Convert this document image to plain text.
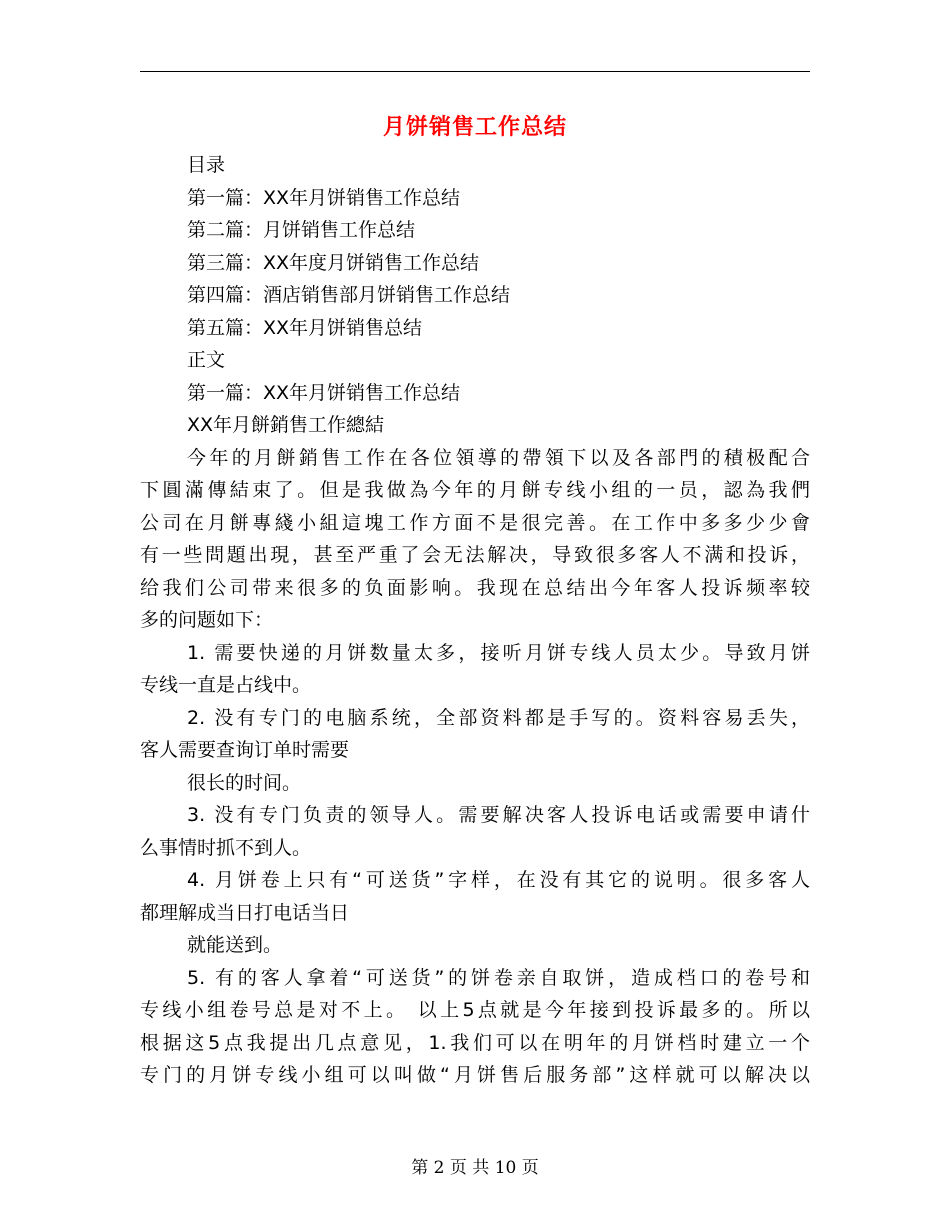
月饼销售工作总结
目录
第一篇：XX年月饼销售工作总结
第二篇：月饼销售工作总结
第三篇：XX年度月饼销售工作总结
第四篇：酒店销售部月饼销售工作总结
第五篇：XX年月饼销售总结
正文
第一篇：XX年月饼销售工作总结
XX年月餅銷售工作總結
今年的月餅銷售工作在各位領導的帶領下以及各部門的積极配合
下圓滿傳結束了。但是我做為今年的月餅专线小组的一员，認為我們
公司在月餅專綫小組這塊工作方面不是很完善。在工作中多多少少會
有一些問題出現，甚至严重了会无法解决，导致很多客人不满和投诉，
给我们公司带来很多的负面影响。我现在总结出今年客人投诉频率较
多的问题如下：
1. 需要快递的月饼数量太多，接听月饼专线人员太少。导致月饼
专线一直是占线中。
2. 没有专门的电脑系统，全部资料都是手写的。资料容易丢失，
客人需要查询订单时需要
很长的时间。
3. 没有专门负责的领导人。需要解决客人投诉电话或需要申请什
么事情时抓不到人。
4. 月饼卷上只有“可送货”字样，在没有其它的说明。很多客人
都理解成当日打电话当日
就能送到。
5. 有的客人拿着“可送货”的饼卷亲自取饼，造成档口的卷号和
专线小组卷号总是对不上。 以上5点就是今年接到投诉最多的。所以
根据这5点我提出几点意见，1.我们可以在明年的月饼档时建立一个
专门的月饼专线小组可以叫做“月饼售后服务部”这样就可以解决以
第 2 页 共 10 页
